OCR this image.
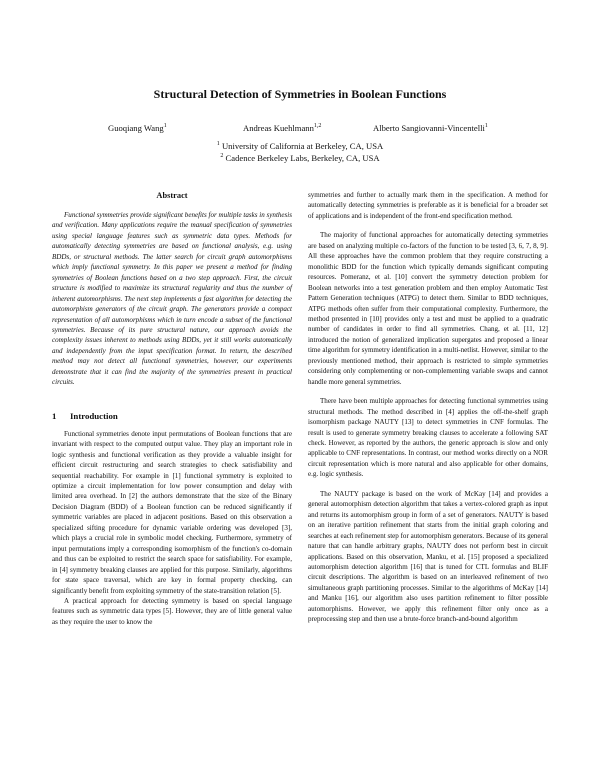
Structural Detection of Symmetries in Boolean Functions
Guoqiang Wang$^1$	Andreas Kuehlmann$^{1,2}$	Alberto Sangiovanni-Vincentelli$^1$
$^1$ University of California at Berkeley, CA, USA
$^2$ Cadence Berkeley Labs, Berkeley, CA, USA
Abstract

Functional symmetries provide significant benefits for multiple tasks in synthesis and verification. Many applications require the manual specification of symmetries using special language features such as symmetric data types. Methods for automatically detecting symmetries are based on functional analysis, e.g. using BDDs, or structural methods. The latter search for circuit graph automorphisms which imply functional symmetry. In this paper we present a method for finding symmetries of Boolean functions based on a two step approach. First, the circuit structure is modified to maximize its structural regularity and thus the number of inherent automorphisms. The next step implements a fast algorithm for detecting the automorphism generators of the circuit graph. The generators provide a compact representation of all automorphisms which in turn encode a subset of the functional symmetries. Because of its pure structural nature, our approach avoids the complexity issues inherent to methods using BDDs, yet it still works automatically and independently from the input specification format. In return, the described method may not detect all functional symmetries, however, our experiments demonstrate that it can find the majority of the symmetries present in practical circuits.

1 Introduction

Functional symmetries denote input permutations of Boolean functions that are invariant with respect to the computed output value. They play an important role in logic synthesis and functional verification as they provide a valuable insight for efficient circuit restructuring and search strategies to check satisfiability and sequential reachability. For example in [1] functional symmetry is exploited to optimize a circuit implementation for low power consumption and delay with limited area overhead. In [2] the authors demonstrate that the size of the Binary Decision Diagram (BDD) of a Boolean function can be reduced significantly if symmetric variables are placed in adjacent positions. Based on this observation a specialized sifting procedure for dynamic variable ordering was developed [3], which plays a crucial role in symbolic model checking. Furthermore, symmetry of input permutations imply a corresponding isomorphism of the function's co-domain and thus can be exploited to restrict the search space for satisfiability. For example, in [4] symmetry breaking clauses are applied for this purpose. Similarly, algorithms for state space traversal, which are key in formal property checking, can significantly benefit from exploiting symmetry of the state-transition relation [5].

A practical approach for detecting symmetry is based on special language features such as symmetric data types [5]. However, they are of little general value as they require the user to know the

symmetries and further to actually mark them in the specification. A method for automatically detecting symmetries is preferable as it is beneficial for a broader set of applications and is independent of the front-end specification method.

The majority of functional approaches for automatically detecting symmetries are based on analyzing multiple co-factors of the function to be tested [3, 6, 7, 8, 9]. All these approaches have the common problem that they require constructing a monolithic BDD for the function which typically demands significant computing resources. Pomeranz, et al. [10] convert the symmetry detection problem for Boolean networks into a test generation problem and then employ Automatic Test Pattern Generation techniques (ATPG) to detect them. Similar to BDD techniques, ATPG methods often suffer from their computational complexity. Furthermore, the method presented in [10] provides only a test and must be applied to a quadratic number of candidates in order to find all symmetries. Chang, et al. [11, 12] introduced the notion of generalized implication supergates and proposed a linear time algorithm for symmetry identification in a multi-netlist. However, similar to the previously mentioned method, their approach is restricted to simple symmetries considering only complementing or non-complementing variable swaps and cannot handle more general symmetries.

There have been multiple approaches for detecting functional symmetries using structural methods. The method described in [4] applies the off-the-shelf graph isomorphism package NAUTY [13] to detect symmetries in CNF formulas. The result is used to generate symmetry breaking clauses to accelerate a following SAT check. However, as reported by the authors, the generic approach is slow and only applicable to CNF representations. In contrast, our method works directly on a NOR circuit representation which is more natural and also applicable for other domains, e.g. logic synthesis.

The NAUTY package is based on the work of McKay [14] and provides a general automorphism detection algorithm that takes a vertex-colored graph as input and returns its automorphism group in form of a set of generators. NAUTY is based on an iterative partition refinement that starts from the initial graph coloring and searches at each refinement step for automorphism generators. Because of its general nature that can handle arbitrary graphs, NAUTY does not perform best in circuit applications. Based on this observation, Manku, et al. [15] proposed a specialized automorphism detection algorithm [16] that is tuned for CTL formulas and BLIF circuit descriptions. The algorithm is based on an interleaved refinement of two simultaneous graph partitioning processes. Similar to the algorithms of McKay [14] and Manku [16], our algorithm also uses partition refinement to filter possible automorphisms. However, we apply this refinement filter only once as a preprocessing step and then use a brute-force branch-and-bound algorithm
